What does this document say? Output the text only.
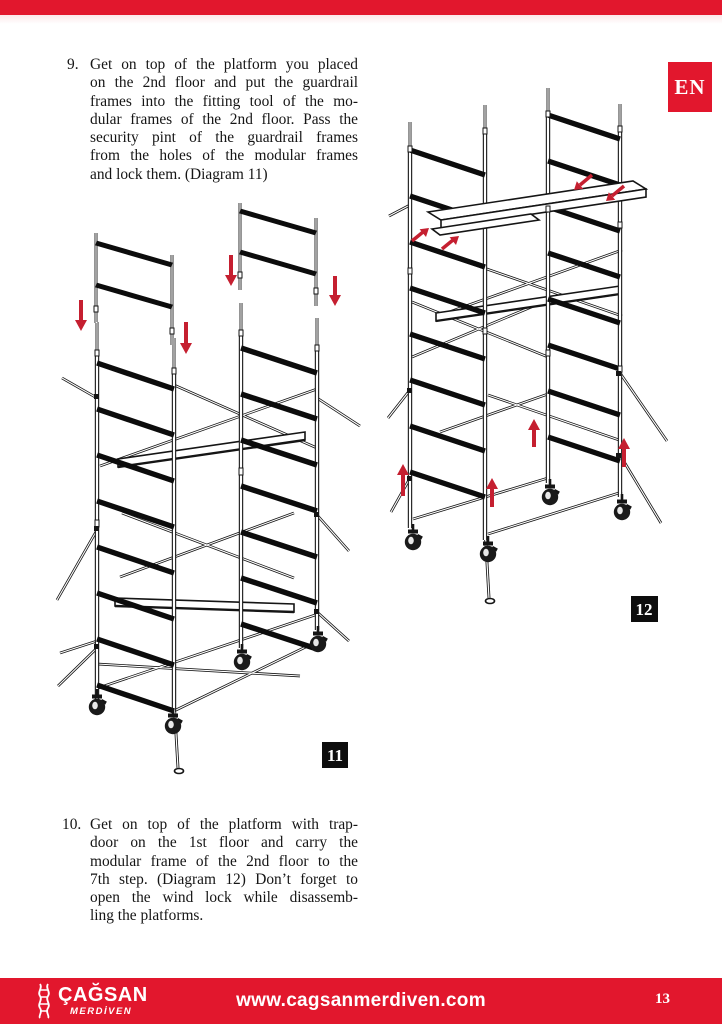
EN
9. Get on top of the platform you placed
on the 2nd floor and put the guardrail
frames into the fitting tool of the mo-
dular frames of the 2nd floor. Pass the
security pint of the guardrail frames
from the holes of the modular frames
and lock them. (Diagram 11)
11
12
10. Get on top of the platform with trap-
door on the 1st floor and carry the
modular frame of the 2nd floor to the
7th step. (Diagram 12) Don’t forget to
open the wind lock while disassemb-
ling the platforms.
www.cagsanmerdiven.com
ÇAĞSAN
MERDİVEN
13
